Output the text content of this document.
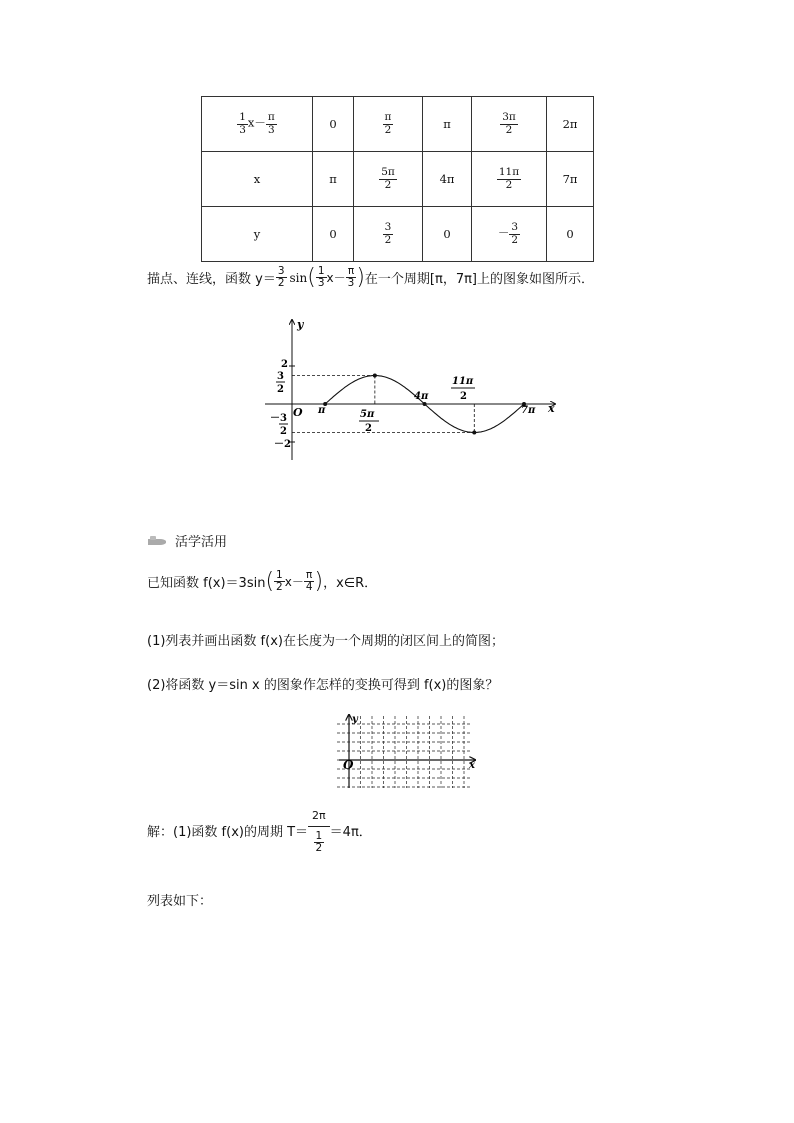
$\frac{1}{3} x- \frac{\pi}{3}$	0	$\frac{\pi}{2}$	π	$\frac{3\pi}{2}$	2π
x	π	$\frac{5\pi}{2}$	4π	$\frac{11\pi}{2}$	7π
y	0	$\frac{3}{2}$	0	－ $\frac{3}{2}$	0
描点、连线，函数 $y= \frac{3}{2}$ sin ( $\frac{1}{3} x- \frac{\pi}{3}$ ) 在一个周期[π，7π]上的图象如图所示．
y
x
O
2
3
2
－3
2
－2
π	5π
2
4π
11π
2
7π
活学活用
已知函数 f(x)＝3sin ( $\frac{1}{2} x- \frac{\pi}{4}$ ) ，x∈R．
(1)列表并画出函数 f(x)在长度为一个周期的闭区间上的简图；
(2)将函数 y＝sin x 的图象作怎样的变换可得到 f(x)的图象？
y
x
O
解：(1)函数 f(x)的周期 $T= \frac{2\pi}{\frac{1}{2}} =4\pi$．
列表如下：
